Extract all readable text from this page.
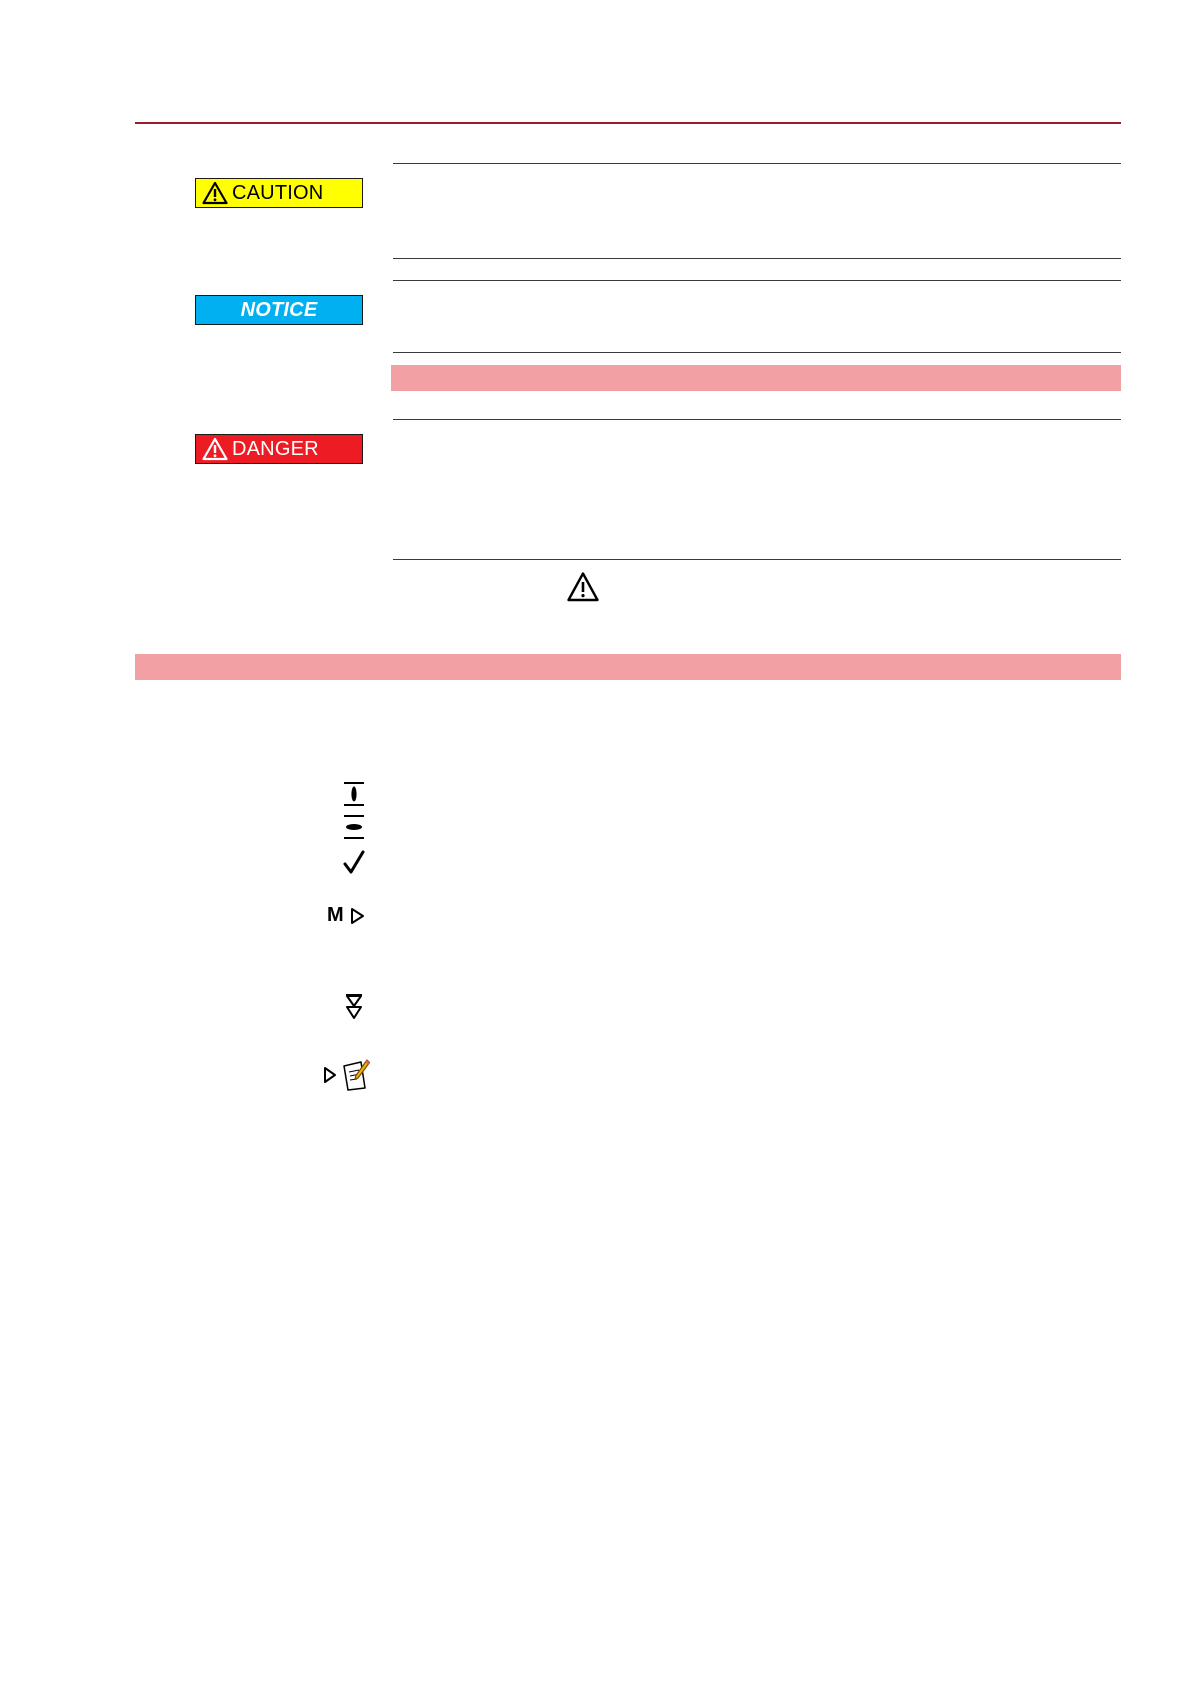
CAUTION
NOTICE
DANGER
M
